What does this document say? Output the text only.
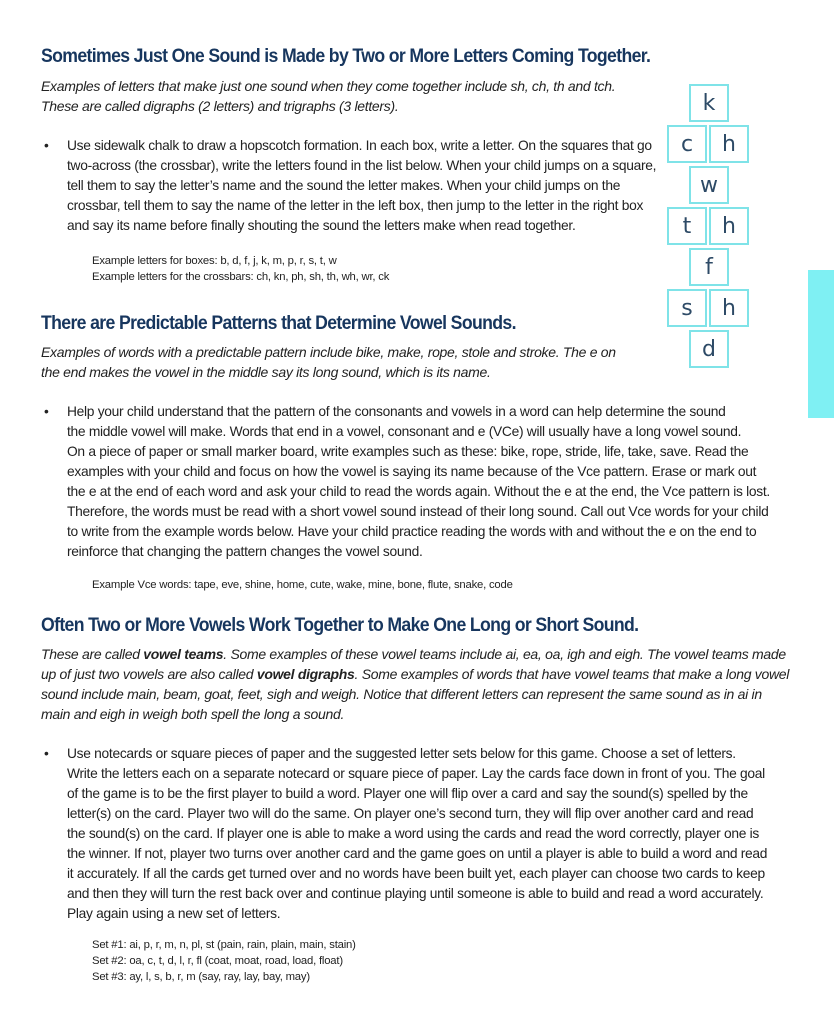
Sometimes Just One Sound is Made by Two or More Letters Coming Together.
Examples of letters that make just one sound when they come together include sh, ch, th and tch.
These are called digraphs (2 letters) and trigraphs (3 letters).
• Use sidewalk chalk to draw a hopscotch formation. In each box, write a letter. On the squares that go
two-across (the crossbar), write the letters found in the list below. When your child jumps on a square,
tell them to say the letter’s name and the sound the letter makes. When your child jumps on the
crossbar, tell them to say the name of the letter in the left box, then jump to the letter in the right box
and say its name before finally shouting the sound the letters make when read together.
Example letters for boxes: b, d, f, j, k, m, p, r, s, t, w
Example letters for the crossbars: ch, kn, ph, sh, th, wh, wr, ck
k
c	h
w
t	h
f
s	h
d
There are Predictable Patterns that Determine Vowel Sounds.
Examples of words with a predictable pattern include bike, make, rope, stole and stroke. The e on
the end makes the vowel in the middle say its long sound, which is its name.
• Help your child understand that the pattern of the consonants and vowels in a word can help determine the sound
the middle vowel will make. Words that end in a vowel, consonant and e (VCe) will usually have a long vowel sound.
On a piece of paper or small marker board, write examples such as these: bike, rope, stride, life, take, save. Read the
examples with your child and focus on how the vowel is saying its name because of the Vce pattern. Erase or mark out
the e at the end of each word and ask your child to read the words again. Without the e at the end, the Vce pattern is lost.
Therefore, the words must be read with a short vowel sound instead of their long sound. Call out Vce words for your child
to write from the example words below. Have your child practice reading the words with and without the e on the end to
reinforce that changing the pattern changes the vowel sound.
Example Vce words: tape, eve, shine, home, cute, wake, mine, bone, flute, snake, code
Often Two or More Vowels Work Together to Make One Long or Short Sound.
These are called vowel teams. Some examples of these vowel teams include ai, ea, oa, igh and eigh. The vowel teams made
up of just two vowels are also called vowel digraphs. Some examples of words that have vowel teams that make a long vowel
sound include main, beam, goat, feet, sigh and weigh. Notice that different letters can represent the same sound as in ai in
main and eigh in weigh both spell the long a sound.
• Use notecards or square pieces of paper and the suggested letter sets below for this game. Choose a set of letters.
Write the letters each on a separate notecard or square piece of paper. Lay the cards face down in front of you. The goal
of the game is to be the first player to build a word. Player one will flip over a card and say the sound(s) spelled by the
letter(s) on the card. Player two will do the same. On player one’s second turn, they will flip over another card and read
the sound(s) on the card. If player one is able to make a word using the cards and read the word correctly, player one is
the winner. If not, player two turns over another card and the game goes on until a player is able to build a word and read
it accurately. If all the cards get turned over and no words have been built yet, each player can choose two cards to keep
and then they will turn the rest back over and continue playing until someone is able to build and read a word accurately.
Play again using a new set of letters.
Set #1: ai, p, r, m, n, pl, st (pain, rain, plain, main, stain)
Set #2: oa, c, t, d, l, r, fl (coat, moat, road, load, float)
Set #3: ay, l, s, b, r, m (say, ray, lay, bay, may)
